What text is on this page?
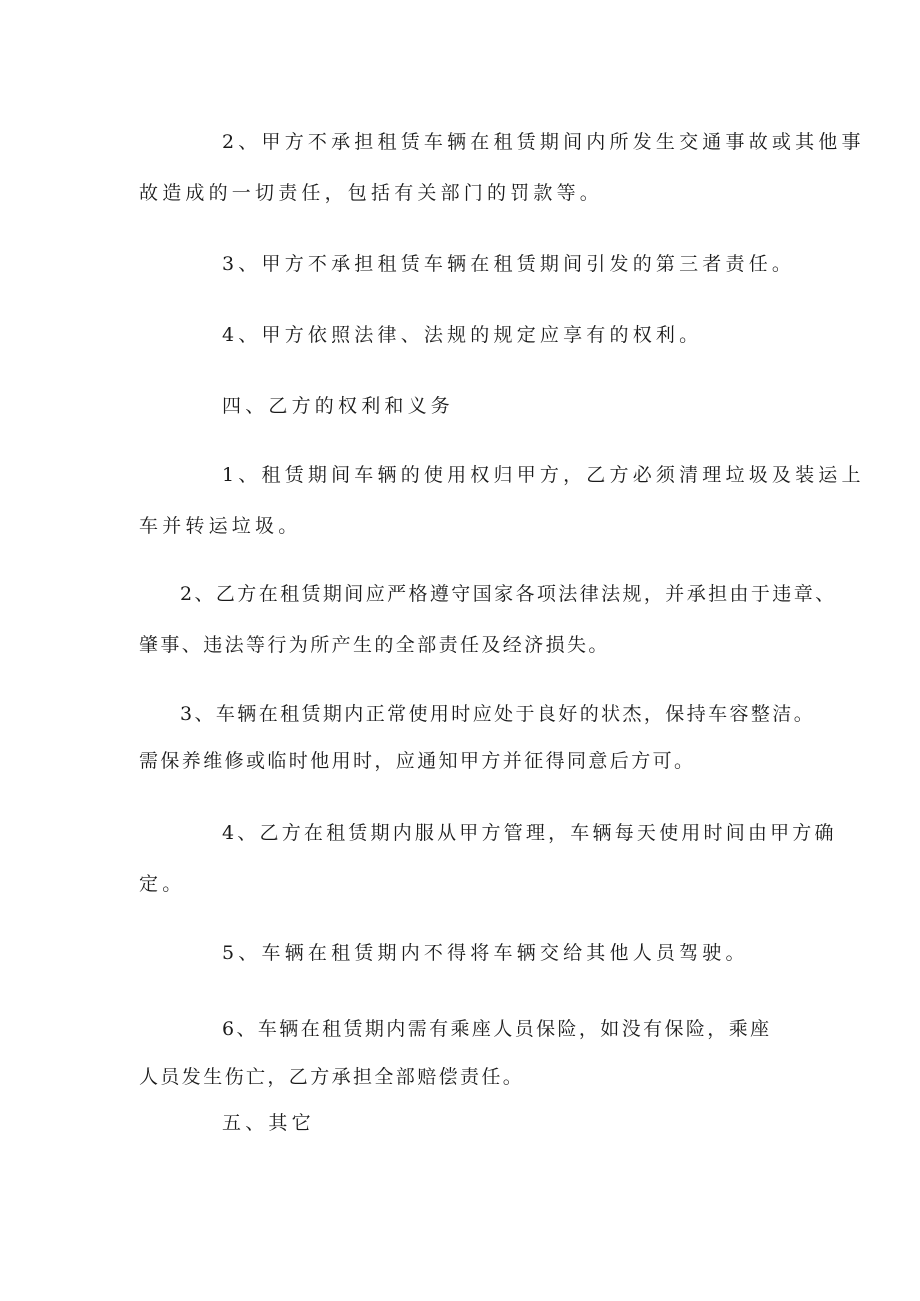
2、甲方不承担租赁车辆在租赁期间内所发生交通事故或其他事
故造成的一切责任，包括有关部门的罚款等。
3、甲方不承担租赁车辆在租赁期间引发的第三者责任。
4、甲方依照法律、法规的规定应享有的权利。
四、乙方的权利和义务
1、租赁期间车辆的使用权归甲方，乙方必须清理垃圾及装运上
车并转运垃圾。
2、乙方在租赁期间应严格遵守国家各项法律法规，并承担由于违章、
肇事、违法等行为所产生的全部责任及经济损失。
3、车辆在租赁期内正常使用时应处于良好的状杰，保持车容整洁。
需保养维修或临时他用时，应通知甲方并征得同意后方可。
4、乙方在租赁期内服从甲方管理，车辆每天使用时间由甲方确
定。
5、车辆在租赁期内不得将车辆交给其他人员驾驶。
6、车辆在租赁期内需有乘座人员保险，如没有保险，乘座
人员发生伤亡，乙方承担全部赔偿责任。
五、其它
